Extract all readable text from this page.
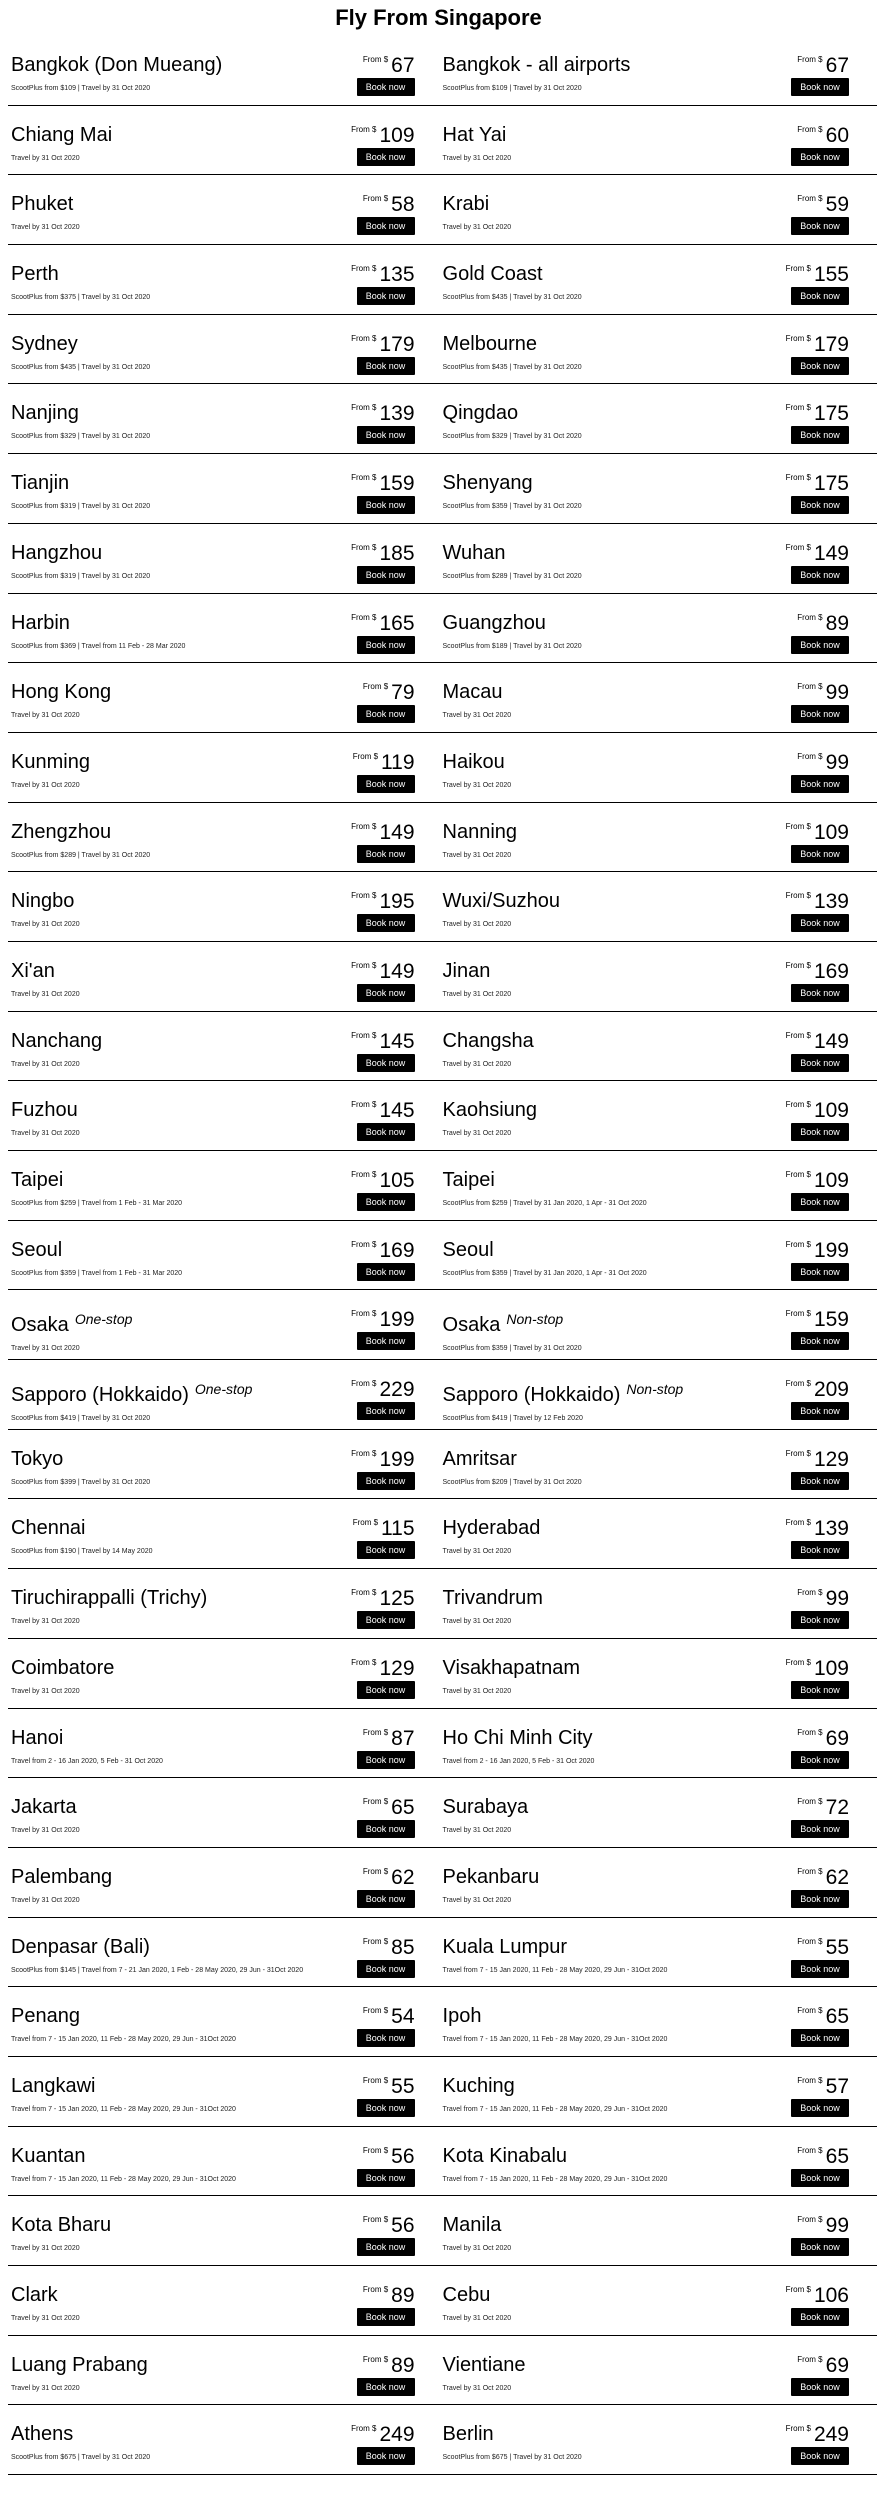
Fly From Singapore
Bangkok (Don Mueang)
ScootPlus from $109 | Travel by 31 Oct 2020
$^{From \$}$ 67
Book now
Bangkok - all airports
ScootPlus from $109 | Travel by 31 Oct 2020
$^{From \$}$ 67
Book now
Chiang Mai
Travel by 31 Oct 2020
$^{From \$}$ 109
Book now
Hat Yai
Travel by 31 Oct 2020
$^{From \$}$ 60
Book now
Phuket
Travel by 31 Oct 2020
$^{From \$}$ 58
Book now
Krabi
Travel by 31 Oct 2020
$^{From \$}$ 59
Book now
Perth
ScootPlus from $375 | Travel by 31 Oct 2020
$^{From \$}$ 135
Book now
Gold Coast
ScootPlus from $435 | Travel by 31 Oct 2020
$^{From \$}$ 155
Book now
Sydney
ScootPlus from $435 | Travel by 31 Oct 2020
$^{From \$}$ 179
Book now
Melbourne
ScootPlus from $435 | Travel by 31 Oct 2020
$^{From \$}$ 179
Book now
Nanjing
ScootPlus from $329 | Travel by 31 Oct 2020
$^{From \$}$ 139
Book now
Qingdao
ScootPlus from $329 | Travel by 31 Oct 2020
$^{From \$}$ 175
Book now
Tianjin
ScootPlus from $319 | Travel by 31 Oct 2020
$^{From \$}$ 159
Book now
Shenyang
ScootPlus from $359 | Travel by 31 Oct 2020
$^{From \$}$ 175
Book now
Hangzhou
ScootPlus from $319 | Travel by 31 Oct 2020
$^{From \$}$ 185
Book now
Wuhan
ScootPlus from $289 | Travel by 31 Oct 2020
$^{From \$}$ 149
Book now
Harbin
ScootPlus from $369 | Travel from 11 Feb - 28 Mar 2020
$^{From \$}$ 165
Book now
Guangzhou
ScootPlus from $189 | Travel by 31 Oct 2020
$^{From \$}$ 89
Book now
Hong Kong
Travel by 31 Oct 2020
$^{From \$}$ 79
Book now
Macau
Travel by 31 Oct 2020
$^{From \$}$ 99
Book now
Kunming
Travel by 31 Oct 2020
$^{From \$}$ 119
Book now
Haikou
Travel by 31 Oct 2020
$^{From \$}$ 99
Book now
Zhengzhou
ScootPlus from $289 | Travel by 31 Oct 2020
$^{From \$}$ 149
Book now
Nanning
Travel by 31 Oct 2020
$^{From \$}$ 109
Book now
Ningbo
Travel by 31 Oct 2020
$^{From \$}$ 195
Book now
Wuxi/Suzhou
Travel by 31 Oct 2020
$^{From \$}$ 139
Book now
Xi'an
Travel by 31 Oct 2020
$^{From \$}$ 149
Book now
Jinan
Travel by 31 Oct 2020
$^{From \$}$ 169
Book now
Nanchang
Travel by 31 Oct 2020
$^{From \$}$ 145
Book now
Changsha
Travel by 31 Oct 2020
$^{From \$}$ 149
Book now
Fuzhou
Travel by 31 Oct 2020
$^{From \$}$ 145
Book now
Kaohsiung
Travel by 31 Oct 2020
$^{From \$}$ 109
Book now
Taipei
ScootPlus from $259 | Travel from 1 Feb - 31 Mar 2020
$^{From \$}$ 105
Book now
Taipei
ScootPlus from $259 | Travel by 31 Jan 2020, 1 Apr - 31 Oct 2020
$^{From \$}$ 109
Book now
Seoul
ScootPlus from $359 | Travel from 1 Feb - 31 Mar 2020
$^{From \$}$ 169
Book now
Seoul
ScootPlus from $359 | Travel by 31 Jan 2020, 1 Apr - 31 Oct 2020
$^{From \$}$ 199
Book now
Osaka $^{One-stop}$
Travel by 31 Oct 2020
$^{From \$}$ 199
Book now
Osaka $^{Non-stop}$
ScootPlus from $359 | Travel by 31 Oct 2020
$^{From \$}$ 159
Book now
Sapporo (Hokkaido) $^{One-stop}$
ScootPlus from $419 | Travel by 31 Oct 2020
$^{From \$}$ 229
Book now
Sapporo (Hokkaido) $^{Non-stop}$
ScootPlus from $419 | Travel by 12 Feb 2020
$^{From \$}$ 209
Book now
Tokyo
ScootPlus from $399 | Travel by 31 Oct 2020
$^{From \$}$ 199
Book now
Amritsar
ScootPlus from $209 | Travel by 31 Oct 2020
$^{From \$}$ 129
Book now
Chennai
ScootPlus from $190 | Travel by 14 May 2020
$^{From \$}$ 115
Book now
Hyderabad
Travel by 31 Oct 2020
$^{From \$}$ 139
Book now
Tiruchirappalli (Trichy)
Travel by 31 Oct 2020
$^{From \$}$ 125
Book now
Trivandrum
Travel by 31 Oct 2020
$^{From \$}$ 99
Book now
Coimbatore
Travel by 31 Oct 2020
$^{From \$}$ 129
Book now
Visakhapatnam
Travel by 31 Oct 2020
$^{From \$}$ 109
Book now
Hanoi
Travel from 2 - 16 Jan 2020, 5 Feb - 31 Oct 2020
$^{From \$}$ 87
Book now
Ho Chi Minh City
Travel from 2 - 16 Jan 2020, 5 Feb - 31 Oct 2020
$^{From \$}$ 69
Book now
Jakarta
Travel by 31 Oct 2020
$^{From \$}$ 65
Book now
Surabaya
Travel by 31 Oct 2020
$^{From \$}$ 72
Book now
Palembang
Travel by 31 Oct 2020
$^{From \$}$ 62
Book now
Pekanbaru
Travel by 31 Oct 2020
$^{From \$}$ 62
Book now
Denpasar (Bali)
ScootPlus from $145 | Travel from 7 - 21 Jan 2020, 1 Feb - 28 May 2020, 29 Jun - 31Oct 2020
$^{From \$}$ 85
Book now
Kuala Lumpur
Travel from 7 - 15 Jan 2020, 11 Feb - 28 May 2020, 29 Jun - 31Oct 2020
$^{From \$}$ 55
Book now
Penang
Travel from 7 - 15 Jan 2020, 11 Feb - 28 May 2020, 29 Jun - 31Oct 2020
$^{From \$}$ 54
Book now
Ipoh
Travel from 7 - 15 Jan 2020, 11 Feb - 28 May 2020, 29 Jun - 31Oct 2020
$^{From \$}$ 65
Book now
Langkawi
Travel from 7 - 15 Jan 2020, 11 Feb - 28 May 2020, 29 Jun - 31Oct 2020
$^{From \$}$ 55
Book now
Kuching
Travel from 7 - 15 Jan 2020, 11 Feb - 28 May 2020, 29 Jun - 31Oct 2020
$^{From \$}$ 57
Book now
Kuantan
Travel from 7 - 15 Jan 2020, 11 Feb - 28 May 2020, 29 Jun - 31Oct 2020
$^{From \$}$ 56
Book now
Kota Kinabalu
Travel from 7 - 15 Jan 2020, 11 Feb - 28 May 2020, 29 Jun - 31Oct 2020
$^{From \$}$ 65
Book now
Kota Bharu
Travel by 31 Oct 2020
$^{From \$}$ 56
Book now
Manila
Travel by 31 Oct 2020
$^{From \$}$ 99
Book now
Clark
Travel by 31 Oct 2020
$^{From \$}$ 89
Book now
Cebu
Travel by 31 Oct 2020
$^{From \$}$ 106
Book now
Luang Prabang
Travel by 31 Oct 2020
$^{From \$}$ 89
Book now
Vientiane
Travel by 31 Oct 2020
$^{From \$}$ 69
Book now
Athens
ScootPlus from $675 | Travel by 31 Oct 2020
$^{From \$}$ 249
Book now
Berlin
ScootPlus from $675 | Travel by 31 Oct 2020
$^{From \$}$ 249
Book now
